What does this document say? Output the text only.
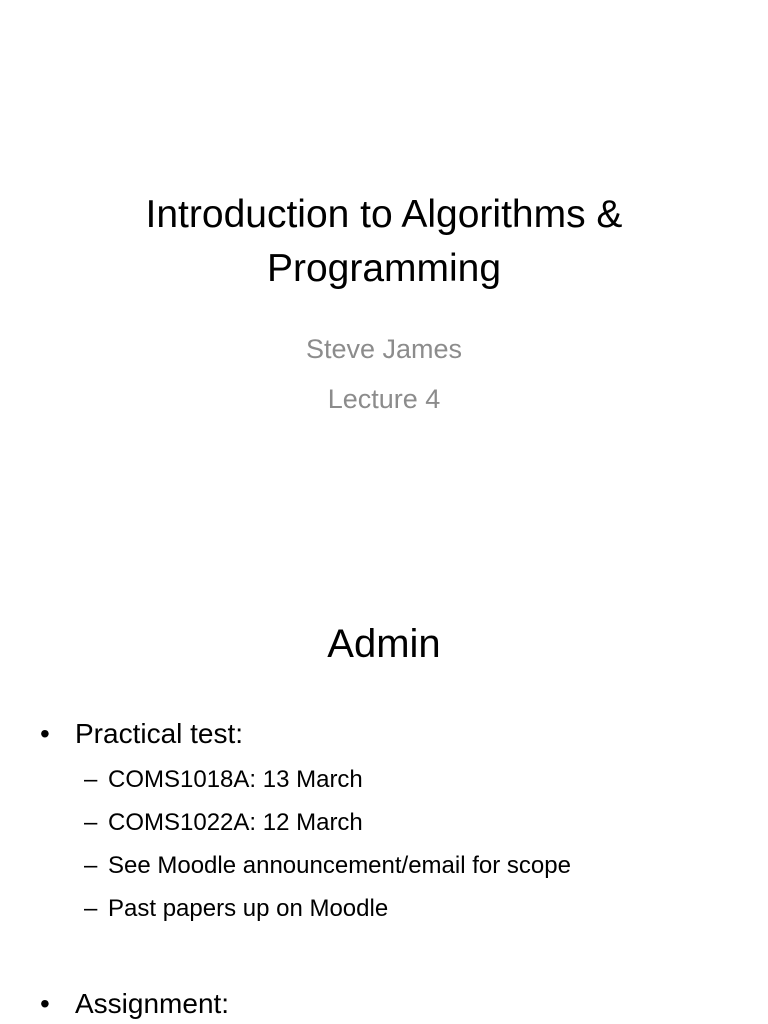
Introduction to Algorithms &
Programming

Steve James

Lecture 4

Admin

• Practical test:

– COMS1018A: 13 March

– COMS1022A: 12 March

– See Moodle announcement/email for scope

– Past papers up on Moodle

• Assignment:
